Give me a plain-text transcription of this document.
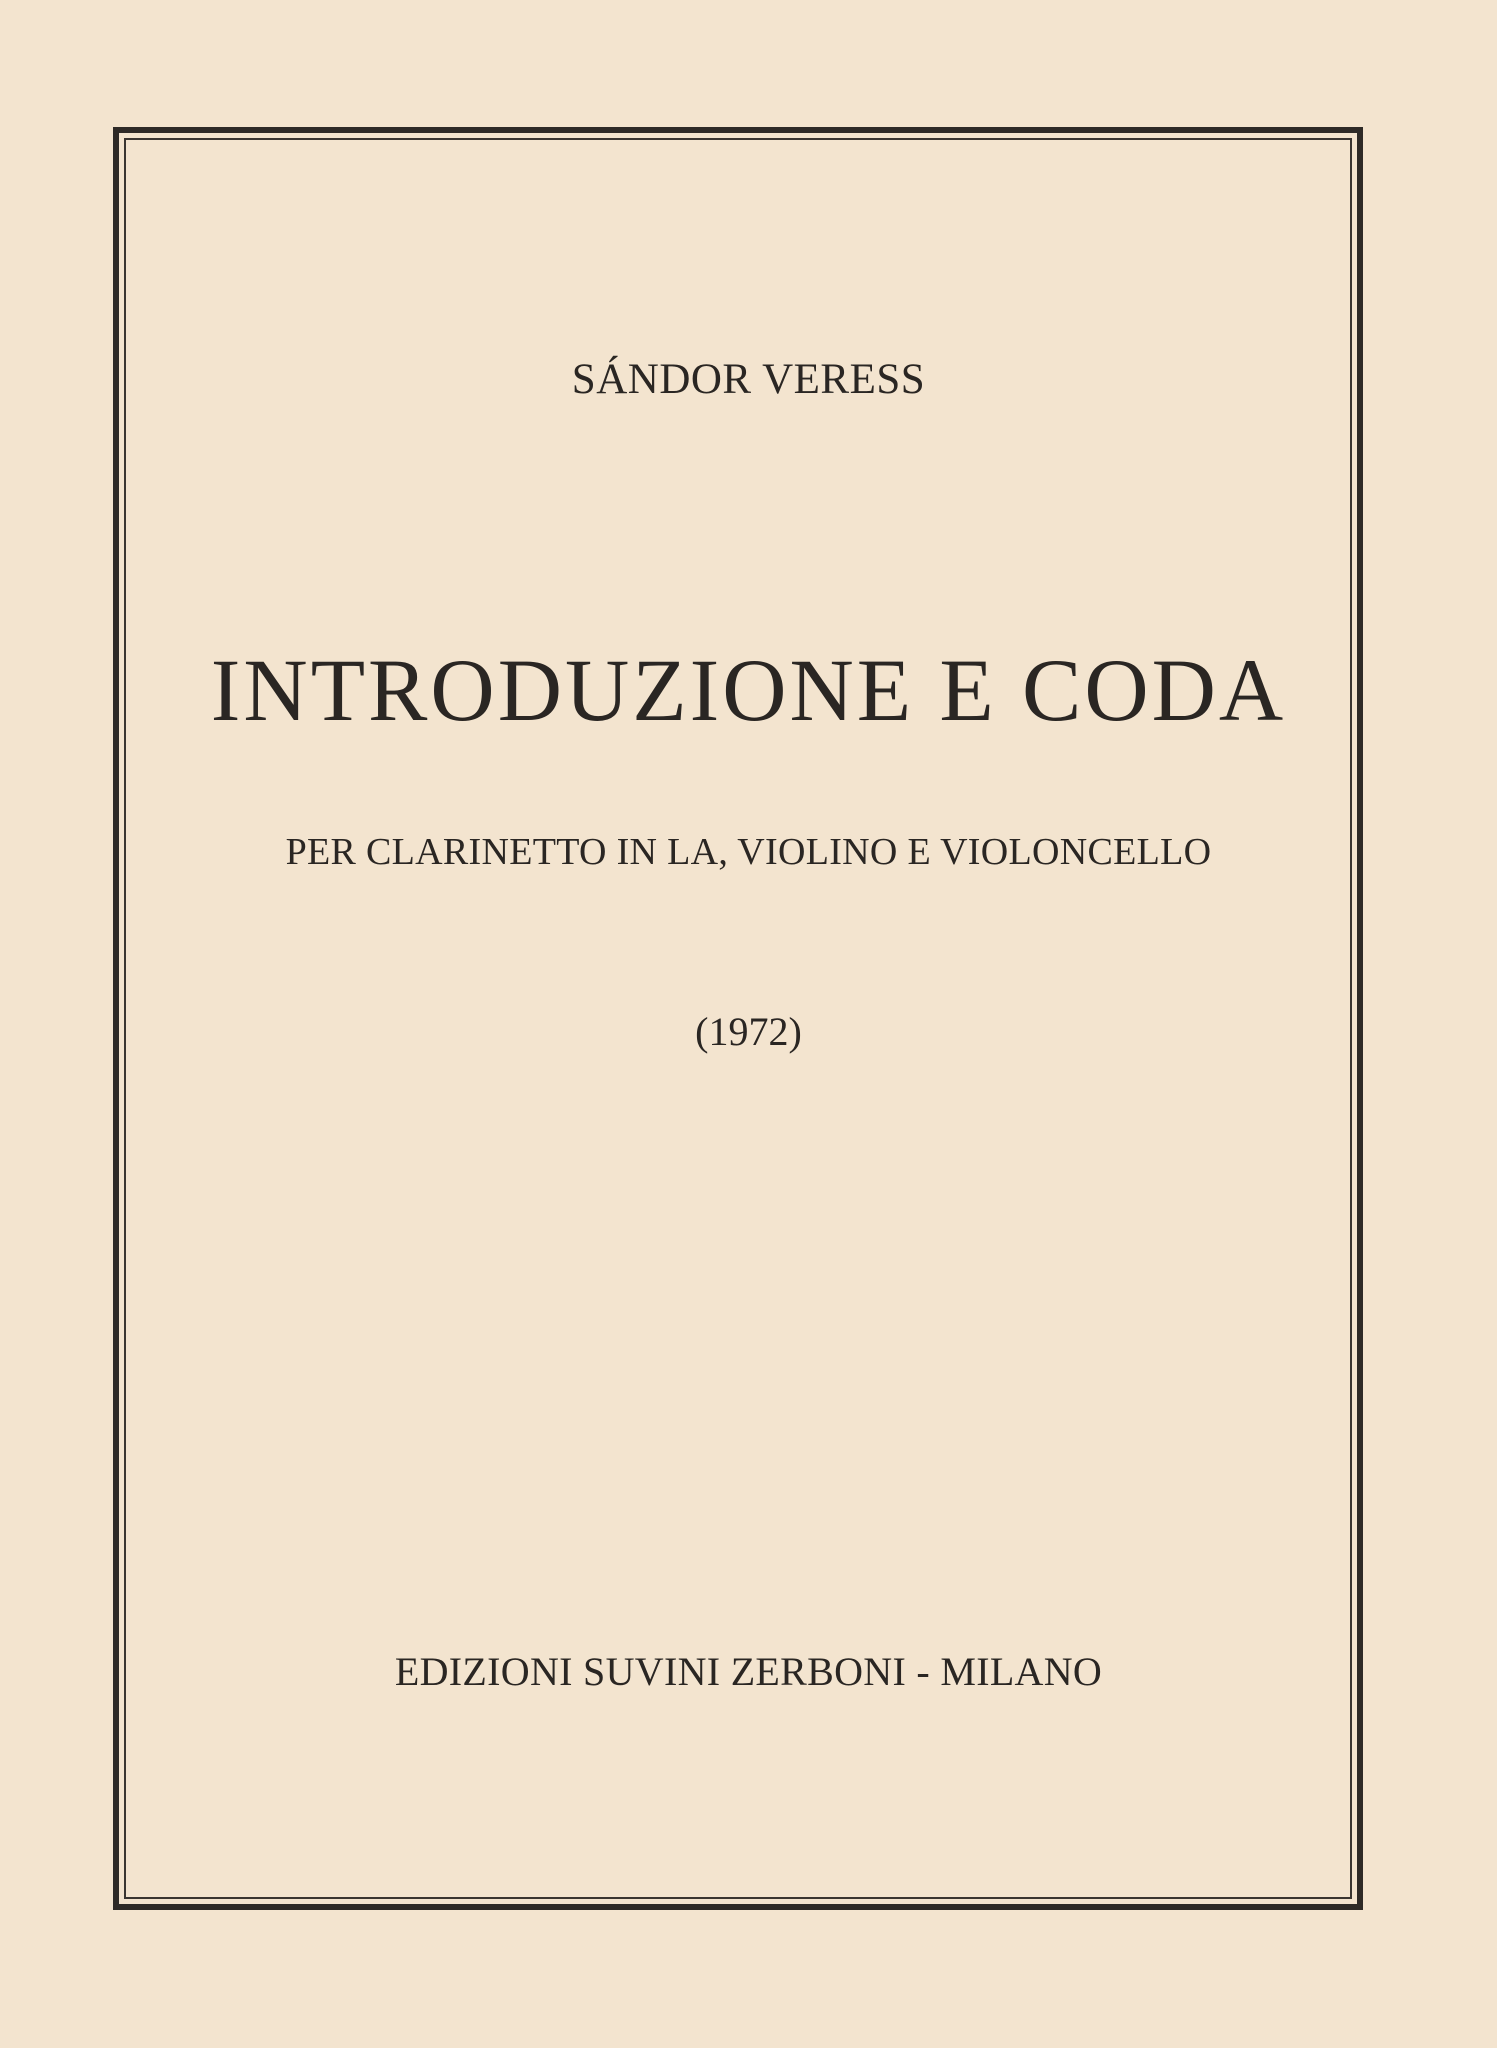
SÁNDOR VERESS
INTRODUZIONE E CODA
PER CLARINETTO IN LA, VIOLINO E VIOLONCELLO
(1972)
EDIZIONI SUVINI ZERBONI - MILANO
